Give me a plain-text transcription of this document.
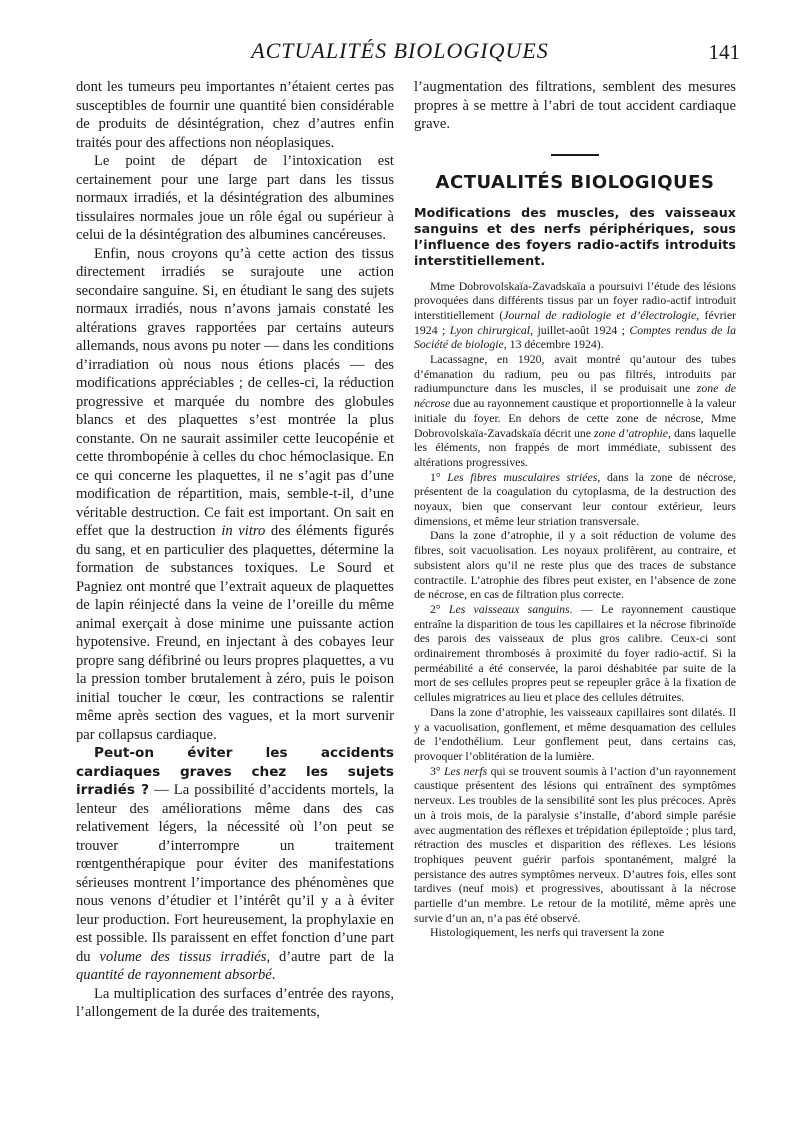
ACTUALITÉS BIOLOGIQUES	141

dont les tumeurs peu importantes n’étaient certes pas susceptibles de fournir une quantité bien considérable de produits de désintégration, chez d’autres enfin traités pour des affections non néoplasiques.

Le point de départ de l’intoxication est certainement pour une large part dans les tissus normaux irradiés, et la désintégration des albumines tissulaires normales joue un rôle égal ou supérieur à celui de la désintégration des albumines cancéreuses.

Enfin, nous croyons qu’à cette action des tissus directement irradiés se surajoute une action secondaire sanguine. Si, en étudiant le sang des sujets normaux irradiés, nous n’avons jamais constaté les altérations graves rapportées par certains auteurs allemands, nous avons pu noter — dans les conditions d’irradiation où nous nous étions placés — des modifications appréciables ; de celles-ci, la réduction progressive et marquée du nombre des globules blancs et des plaquettes s’est montrée la plus constante. On ne saurait assimiler cette leucopénie et cette thrombopénie à celles du choc hémoclasique. En ce qui concerne les plaquettes, il ne s’agit pas d’une modification de répartition, mais, semble-t-il, d’une véritable destruction. Ce fait est important. On sait en effet que la destruction in vitro des éléments figurés du sang, et en particulier des plaquettes, détermine la formation de substances toxiques. Le Sourd et Pagniez ont montré que l’extrait aqueux de plaquettes de lapin réinjecté dans la veine de l’oreille du même animal exerçait à dose minime une puissante action hypotensive. Freund, en injectant à des cobayes leur propre sang défibriné ou leurs propres plaquettes, a vu la pression tomber brutalement à zéro, puis le poison initial toucher le cœur, les contractions se ralentir même après section des vagues, et la mort survenir par collapsus cardiaque.

Peut-on éviter les accidents cardiaques graves chez les sujets irradiés ? — La possibilité d’accidents mortels, la lenteur des améliorations même dans des cas relativement légers, la nécessité où l’on peut se trouver d’interrompre un traitement rœntgenthérapique pour éviter des manifestations sérieuses montrent l’importance des phénomènes que nous venons d’étudier et l’intérêt qu’il y a à éviter leur production. Fort heureusement, la prophylaxie en est possible. Ils paraissent en effet fonction d’une part du volume des tissus irradiés, d’autre part de la quantité de rayonnement absorbé.

La multiplication des surfaces d’entrée des rayons, l’allongement de la durée des traitements,

l’augmentation des filtrations, semblent des mesures propres à se mettre à l’abri de tout accident cardiaque grave.

ACTUALITÉS BIOLOGIQUES
Modifications des muscles, des vaisseaux sanguins et des nerfs périphériques, sous l’influence des foyers radio-actifs introduits interstitiellement.

Mme Dobrovolskaïa-Zavadskaïa a poursuivi l’étude des lésions provoquées dans différents tissus par un foyer radio-actif introduit interstitiellement (Journal de radiologie et d’électrologie, février 1924 ; Lyon chirurgical, juillet-août 1924 ; Comptes rendus de la Société de biologie, 13 décembre 1924).

Lacassagne, en 1920, avait montré qu’autour des tubes d’émanation du radium, peu ou pas filtrés, introduits par radiumpuncture dans les muscles, il se produisait une zone de nécrose due au rayonnement caustique et proportionnelle à la valeur initiale du foyer. En dehors de cette zone de nécrose, Mme Dobrovolskaïa-Zavadskaïa décrit une zone d’atrophie, dans laquelle les éléments, non frappés de mort immédiate, subissent des altérations progressives.

1° Les fibres musculaires striées, dans la zone de nécrose, présentent de la coagulation du cytoplasma, de la destruction des noyaux, bien que conservant leur contour extérieur, leurs dimensions, et même leur striation transversale.

Dans la zone d’atrophie, il y a soit réduction de volume des fibres, soit vacuolisation. Les noyaux prolifèrent, au contraire, et subsistent alors qu’il ne reste plus que des traces de substance contractile. L’atrophie des fibres peut exister, en l’absence de zone de nécrose, en cas de filtration plus correcte.

2° Les vaisseaux sanguins. — Le rayonnement caustique entraîne la disparition de tous les capillaires et la nécrose fibrinoïde des parois des vaisseaux de plus gros calibre. Ceux-ci sont ordinairement thrombosés à proximité du foyer radio-actif. Si la perméabilité a été conservée, la paroi déshabitée par suite de la mort de ses cellules propres peut se repeupler grâce à la fixation de cellules migratrices au lieu et place des cellules détruites.

Dans la zone d’atrophie, les vaisseaux capillaires sont dilatés. Il y a vacuolisation, gonflement, et même desquamation des cellules de l’endothélium. Leur gonflement peut, dans certains cas, provoquer l’oblitération de la lumière.

3° Les nerfs qui se trouvent soumis à l’action d’un rayonnement caustique présentent des lésions qui entraînent des symptômes nerveux. Les troubles de la sensibilité sont les plus précoces. Après un à trois mois, de la paralysie s’installe, d’abord simple parésie avec augmentation des réflexes et trépidation épileptoïde ; plus tard, rétraction des muscles et disparition des réflexes. Les lésions trophiques peuvent guérir parfois spontanément, malgré la persistance des autres symptômes nerveux. D’autres fois, elles sont tardives (neuf mois) et progressives, aboutissant à la nécrose partielle d’un membre. Le retour de la motilité, même après une survie d’un an, n’a pas été observé.

Histologiquement, les nerfs qui traversent la zone
